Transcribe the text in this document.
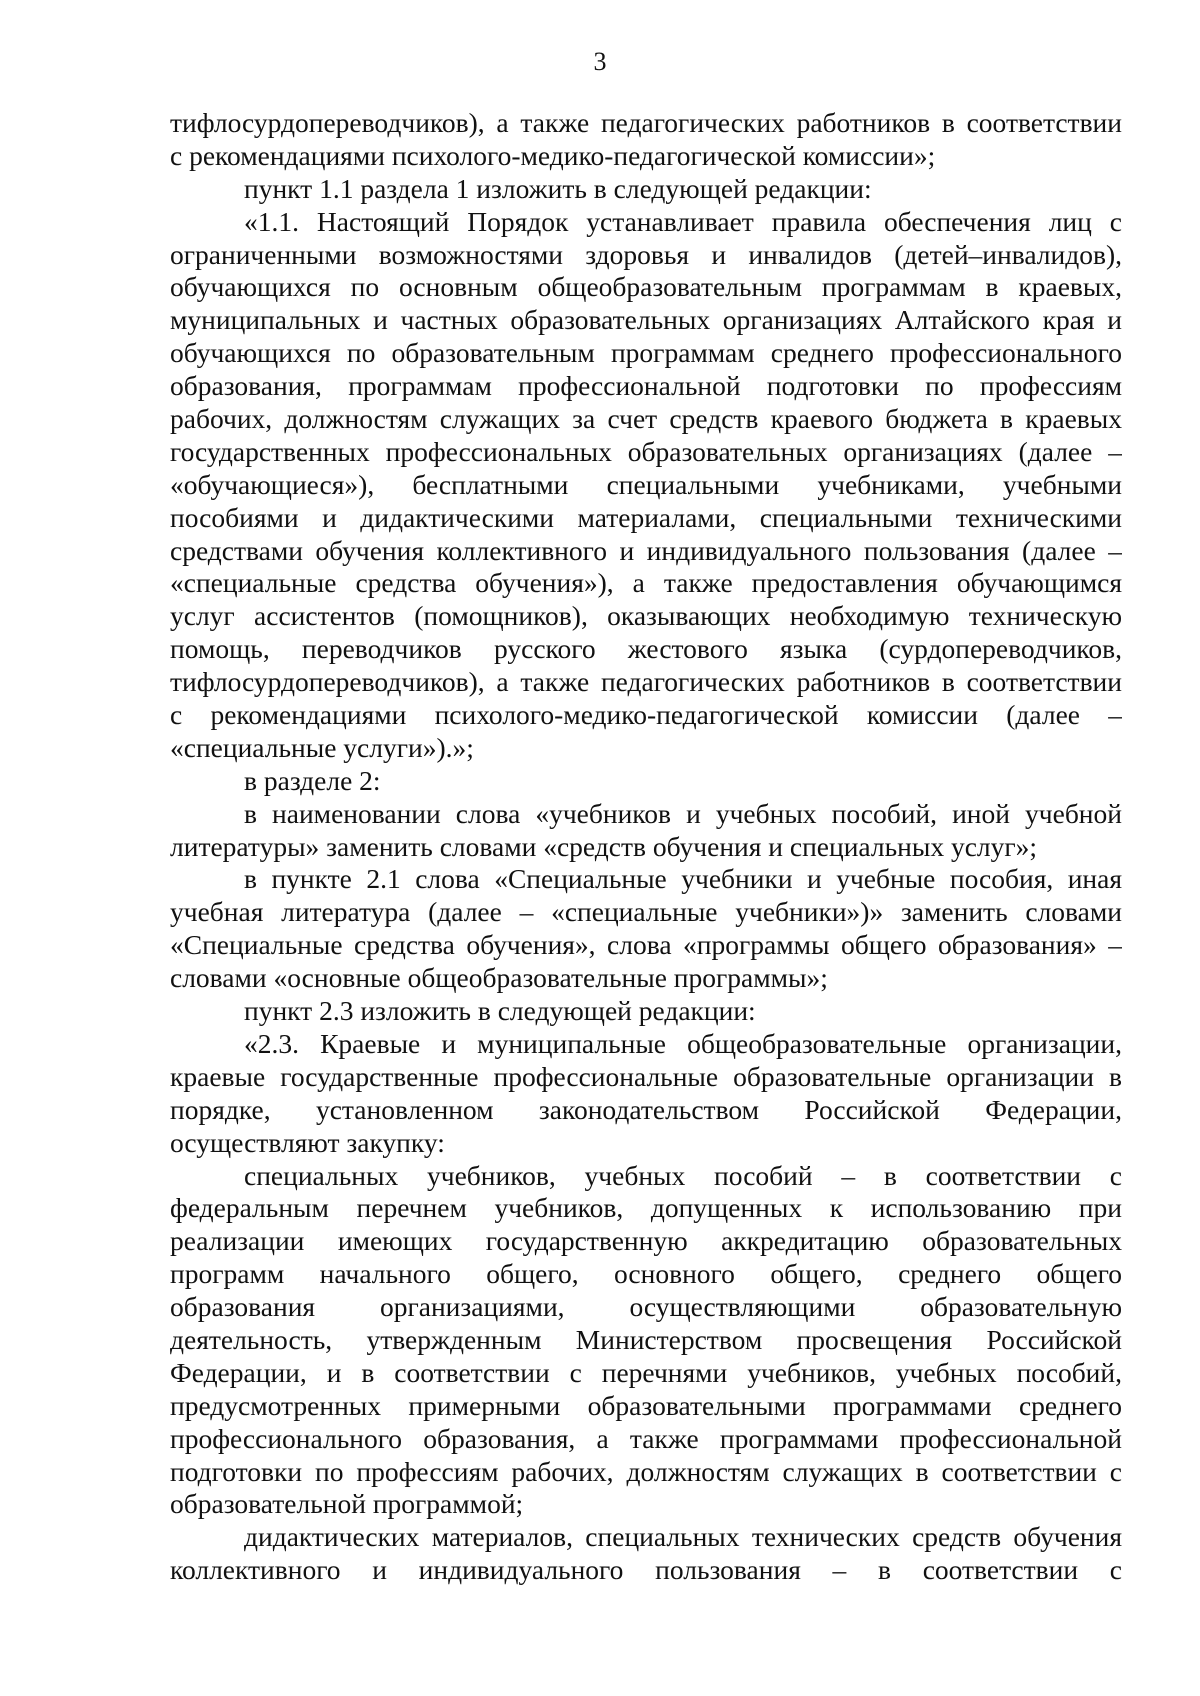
3
тифлосурдопереводчиков), а также педагогических работников в соответствии
с рекомендациями психолого-медико-педагогической комиссии»;
пункт 1.1 раздела 1 изложить в следующей редакции:
«1.1. Настоящий Порядок устанавливает правила обеспечения лиц с
ограниченными возможностями здоровья и инвалидов (детей–инвалидов),
обучающихся по основным общеобразовательным программам в краевых,
муниципальных и частных образовательных организациях Алтайского края и
обучающихся по образовательным программам среднего профессионального
образования, программам профессиональной подготовки по профессиям
рабочих, должностям служащих за счет средств краевого бюджета в краевых
государственных профессиональных образовательных организациях (далее –
«обучающиеся»), бесплатными специальными учебниками, учебными
пособиями и дидактическими материалами, специальными техническими
средствами обучения коллективного и индивидуального пользования (далее –
«специальные средства обучения»), а также предоставления обучающимся
услуг ассистентов (помощников), оказывающих необходимую техническую
помощь, переводчиков русского жестового языка (сурдопереводчиков,
тифлосурдопереводчиков), а также педагогических работников в соответствии
с рекомендациями психолого-медико-педагогической комиссии (далее –
«специальные услуги»).»;
в разделе 2:
в наименовании слова «учебников и учебных пособий, иной учебной
литературы» заменить словами «средств обучения и специальных услуг»;
в пункте 2.1 слова «Специальные учебники и учебные пособия, иная
учебная литература (далее – «специальные учебники»)» заменить словами
«Специальные средства обучения», слова «программы общего образования» –
словами «основные общеобразовательные программы»;
пункт 2.3 изложить в следующей редакции:
«2.3. Краевые и муниципальные общеобразовательные организации,
краевые государственные профессиональные образовательные организации в
порядке, установленном законодательством Российской Федерации,
осуществляют закупку:
специальных учебников, учебных пособий – в соответствии с
федеральным перечнем учебников, допущенных к использованию при
реализации имеющих государственную аккредитацию образовательных
программ начального общего, основного общего, среднего общего
образования организациями, осуществляющими образовательную
деятельность, утвержденным Министерством просвещения Российской
Федерации, и в соответствии с перечнями учебников, учебных пособий,
предусмотренных примерными образовательными программами среднего
профессионального образования, а также программами профессиональной
подготовки по профессиям рабочих, должностям служащих в соответствии с
образовательной программой;
дидактических материалов, специальных технических средств обучения
коллективного и индивидуального пользования – в соответствии с
